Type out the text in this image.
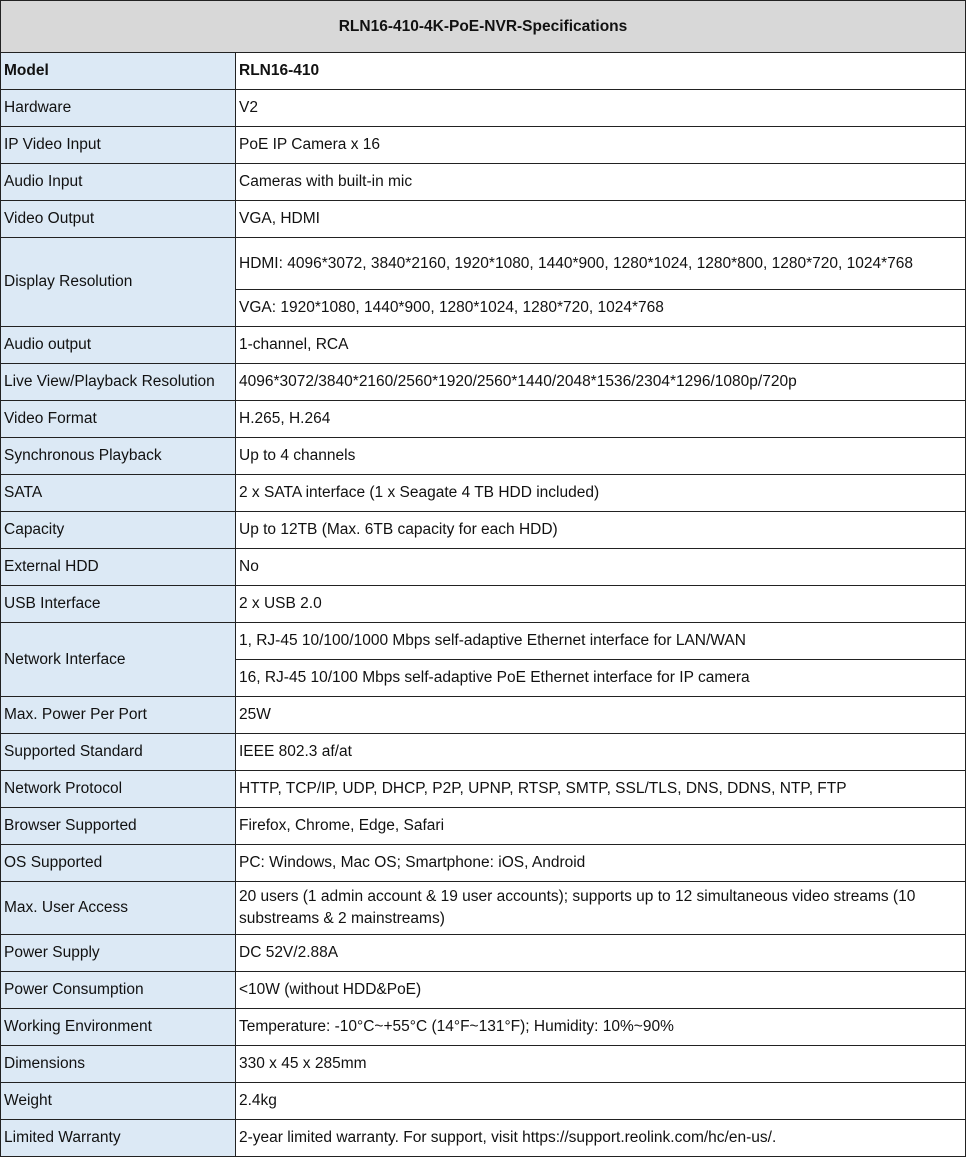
RLN16-410-4K-PoE-NVR-Specifications	
Model	RLN16-410
Hardware	V2
IP Video Input	PoE IP Camera x 16
Audio Input	Cameras with built-in mic
Video Output	VGA, HDMI
Display Resolution	HDMI: 4096*3072, 3840*2160, 1920*1080, 1440*900, 1280*1024, 1280*800, 1280*720, 1024*768
	VGA: 1920*1080, 1440*900, 1280*1024, 1280*720, 1024*768
Audio output	1-channel, RCA
Live View/Playback Resolution	4096*3072/3840*2160/2560*1920/2560*1440/2048*1536/2304*1296/1080p/720p
Video Format	H.265, H.264
Synchronous Playback	Up to 4 channels
SATA	2 x SATA interface (1 x Seagate 4 TB HDD included)
Capacity	Up to 12TB (Max. 6TB capacity for each HDD)
External HDD	No
USB Interface	2 x USB 2.0
Network Interface	1, RJ-45 10/100/1000 Mbps self-adaptive Ethernet interface for LAN/WAN
	16, RJ-45 10/100 Mbps self-adaptive PoE Ethernet interface for IP camera
Max. Power Per Port	25W
Supported Standard	IEEE 802.3 af/at
Network Protocol	HTTP, TCP/IP, UDP, DHCP, P2P, UPNP, RTSP, SMTP, SSL/TLS, DNS, DDNS, NTP, FTP
Browser Supported	Firefox, Chrome, Edge, Safari
OS Supported	PC: Windows, Mac OS; Smartphone: iOS, Android
Max. User Access	20 users (1 admin account & 19 user accounts); supports up to 12 simultaneous video streams (10 substreams & 2 mainstreams)
Power Supply	DC 52V/2.88A
Power Consumption	<10W (without HDD&PoE)
Working Environment	Temperature: -10°C~+55°C (14°F~131°F); Humidity: 10%~90%
Dimensions	330 x 45 x 285mm
Weight	2.4kg
Limited Warranty	2-year limited warranty. For support, visit https://support.reolink.com/hc/en-us/.
